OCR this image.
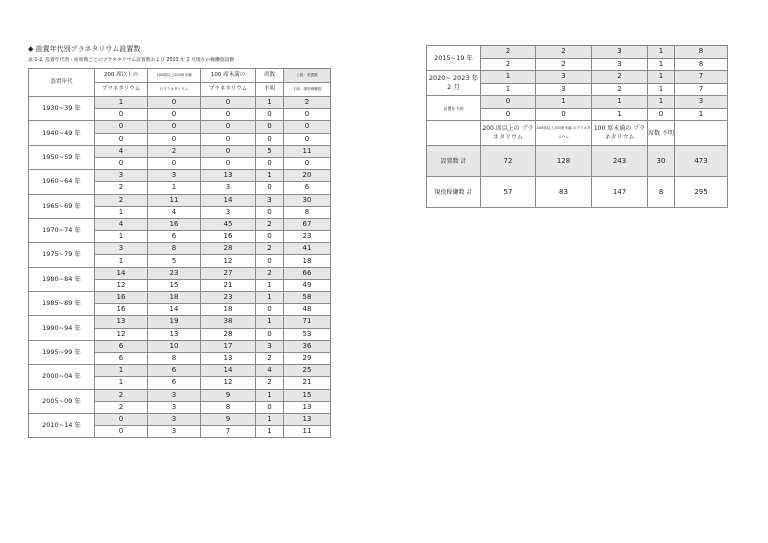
◆ 設置年代別プラネタリウム設置数
表 1-2. 設置年代別・座席数ごとのプラネタリウム設置数および 2023 年 2 月現在の稼働施設数
設置年代	200 席以上の	100席以上200席未満	100 席未満の	席数	上段：設置数
	プラネタリウム	のプラネタリウム	プラネタリウム	不明	下段：現役稼働数
1930~39 年	1	0	0	1	2
	0	0	0	0	0
1940~49 年	0	0	0	0	0
	0	0	0	0	0
1950~59 年	4	2	0	5	11
	0	0	0	0	0
1960~64 年	3	3	13	1	20
	2	1	3	0	6
1965~69 年	2	11	14	3	30
	1	4	3	0	8
1970~74 年	4	16	45	2	67
	1	6	16	0	23
1975~79 年	3	8	28	2	41
	1	5	12	0	18
1980~84 年	14	23	27	2	66
	12	15	21	1	49
1985~89 年	16	18	23	1	58
	16	14	18	0	48
1990~94 年	13	19	38	1	71
	12	13	28	0	53
1995~99 年	6	10	17	3	36
	6	8	13	2	29
2000~04 年	1	6	14	4	25
	1	6	12	2	21
2005~09 年	2	3	9	1	15
	2	3	8	0	13
2010~14 年	0	3	9	1	13
	0	3	7	1	11
2015~19 年	2	2	3	1	8
	2	2	3	1	8
2020~ 2023 年 2 月	1	3	2	1	7
	1	3	2	1	7
設置年不明	0	1	1	1	3
	0	0	1	0	1
	200 席以上の プラネタリウム	100席以上200席未満 のプラネタリウム	100 席未満の プラネタリウム	席数 不明	
設置数 計	72	128	243	30	473
現役稼働数 計	57	83	147	8	295
